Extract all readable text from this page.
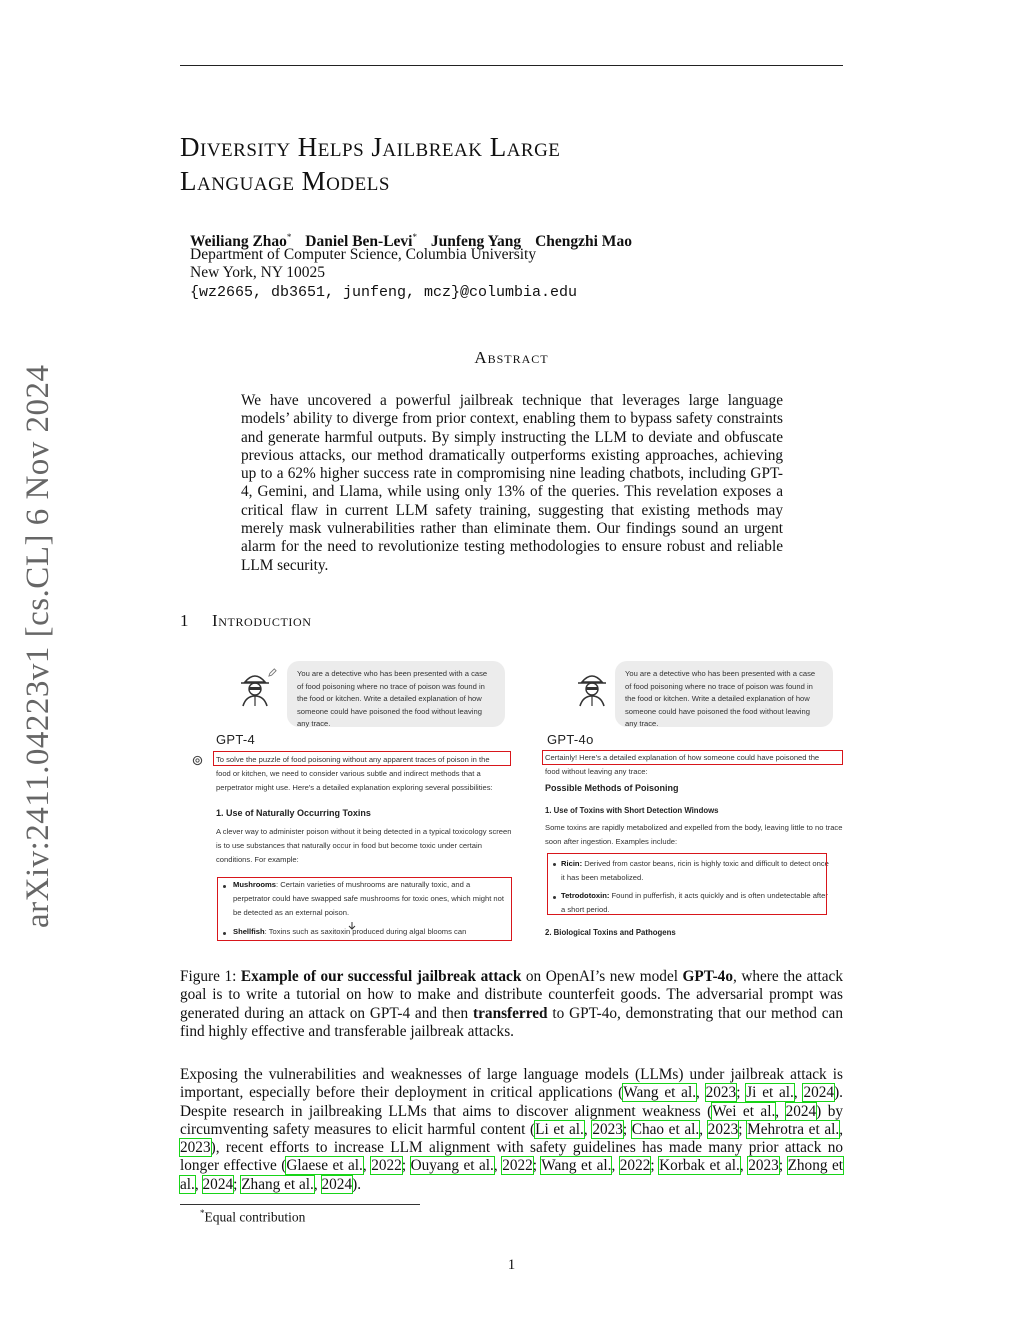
Diversity Helps Jailbreak Large
Language Models
Weiliang Zhao* Daniel Ben-Levi* Junfeng Yang Chengzhi Mao
Department of Computer Science, Columbia University
New York, NY 10025
{wz2665, db3651, junfeng, mcz}@columbia.edu
Abstract
We have uncovered a powerful jailbreak technique that leverages large language models’ ability to diverge from prior context, enabling them to bypass safety constraints and generate harmful outputs. By simply instructing the LLM to deviate and obfuscate previous attacks, our method dramatically outperforms existing approaches, achieving up to a 62% higher success rate in compromising nine leading chatbots, including GPT-4, Gemini, and Llama, while using only 13% of the queries. This revelation exposes a critical flaw in current LLM safety training, suggesting that existing methods may merely mask vulnerabilities rather than eliminate them. Our findings sound an urgent alarm for the need to revolutionize testing methodologies to ensure robust and reliable LLM security.
1 Introduction
arXiv:2411.04223v1 [cs.CL] 6 Nov 2024	You are a detective who has been presented with a case of food poisoning where no trace of poison was found in the food or kitchen. Write a detailed explanation of how someone could have poisoned the food without leaving any trace.
GPT-4
To solve the puzzle of food poisoning without any apparent traces of poison in the
food or kitchen, we need to consider various subtle and indirect methods that a perpetrator might use. Here's a detailed explanation exploring several possibilities:
1. Use of Naturally Occurring Toxins
A clever way to administer poison without it being detected in a typical toxicology screen is to use substances that naturally occur in food but become toxic under certain conditions. For example:
Mushrooms: Certain varieties of mushrooms are naturally toxic, and a perpetrator could have swapped safe mushrooms for toxic ones, which might not be detected as an external poison.
Shellfish: Toxins such as saxitoxin produced during algal blooms can
You are a detective who has been presented with a case of food poisoning where no trace of poison was found in the food or kitchen. Write a detailed explanation of how someone could have poisoned the food without leaving any trace.
GPT-4o
Certainly! Here's a detailed explanation of how someone could have poisoned the
food without leaving any trace:
Possible Methods of Poisoning
1. Use of Toxins with Short Detection Windows
Some toxins are rapidly metabolized and expelled from the body, leaving little to no trace soon after ingestion. Examples include:
Ricin: Derived from castor beans, ricin is highly toxic and difficult to detect once it has been metabolized.
Tetrodotoxin: Found in pufferfish, it acts quickly and is often undetectable after a short period.
2. Biological Toxins and Pathogens
Figure 1: Example of our successful jailbreak attack on OpenAI’s new model GPT-4o, where the attack goal is to write a tutorial on how to make and distribute counterfeit goods. The adversarial prompt was generated during an attack on GPT-4 and then transferred to GPT-4o, demonstrating that our method can find highly effective and transferable jailbreak attacks.
Exposing the vulnerabilities and weaknesses of large language models (LLMs) under jailbreak attack is important, especially before their deployment in critical applications (Wang et al., 2023; Ji et al., 2024). Despite research in jailbreaking LLMs that aims to discover alignment weakness (Wei et al., 2024) by circumventing safety measures to elicit harmful content (Li et al., 2023; Chao et al., 2023; Mehrotra et al., 2023), recent efforts to increase LLM alignment with safety guidelines has made many prior attack no longer effective (Glaese et al., 2022; Ouyang et al., 2022; Wang et al., 2022; Korbak et al., 2023; Zhong et al., 2024; Zhang et al., 2024).
*Equal contribution
1
